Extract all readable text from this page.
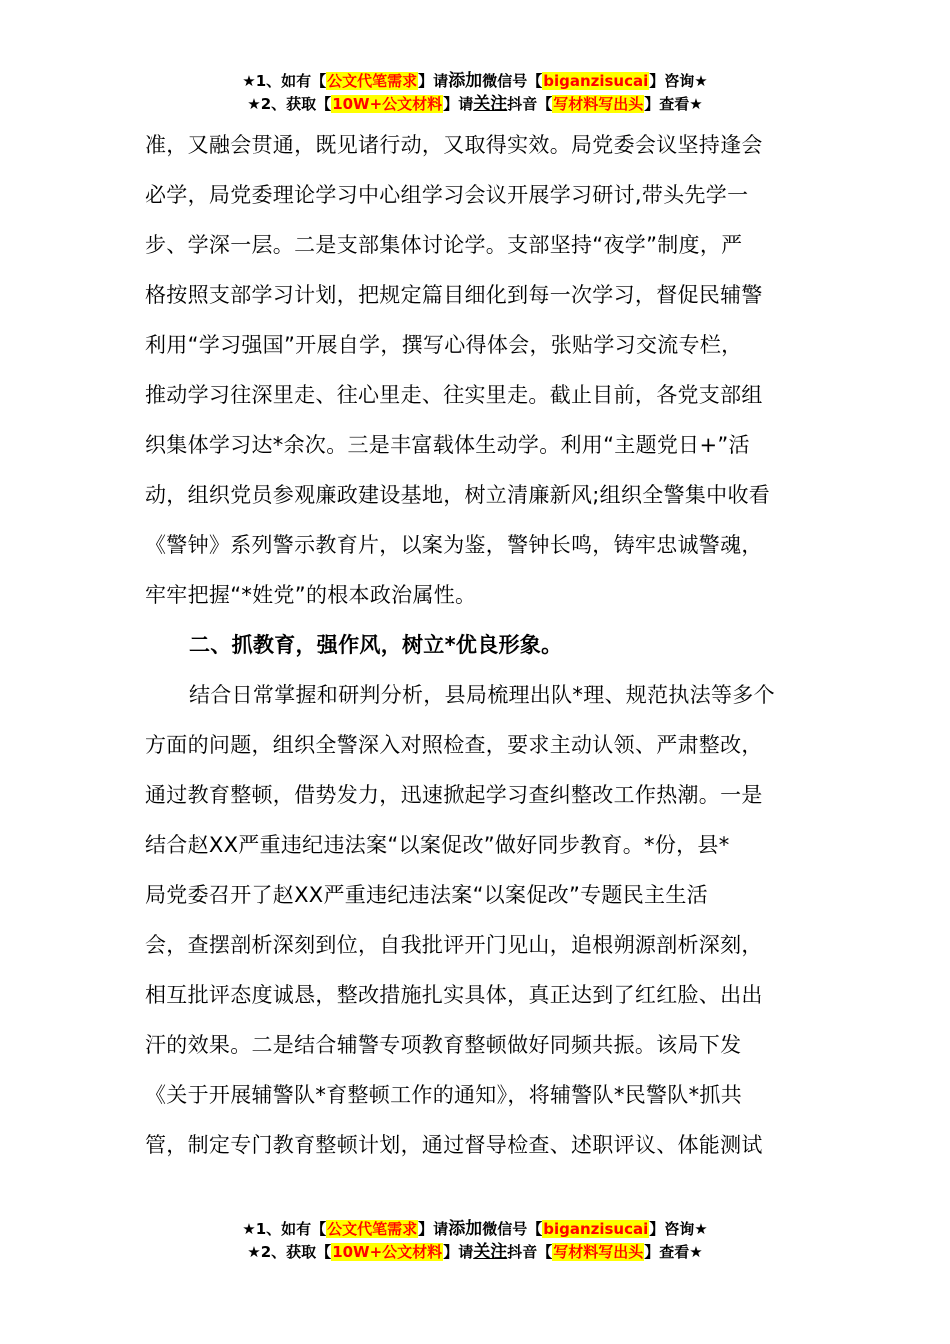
★1、如有【公文代笔需求】请添加微信号【biganzisucai】咨询★
★2、获取【10W+公文材料】请关注抖音【写材料写出头】查看★
准，又融会贯通，既见诸行动，又取得实效。局党委会议坚持逢会
必学，局党委理论学习中心组学习会议开展学习研讨,带头先学一
步、学深一层。二是支部集体讨论学。支部坚持“夜学”制度，严
格按照支部学习计划，把规定篇目细化到每一次学习，督促民辅警
利用“学习强国”开展自学，撰写心得体会，张贴学习交流专栏，
推动学习往深里走、往心里走、往实里走。截止目前，各党支部组
织集体学习达*余次。三是丰富载体生动学。利用“主题党日+”活
动，组织党员参观廉政建设基地，树立清廉新风;组织全警集中收看
《警钟》系列警示教育片，以案为鉴，警钟长鸣，铸牢忠诚警魂，
牢牢把握“*姓党”的根本政治属性。
二、抓教育，强作风，树立*优良形象。
结合日常掌握和研判分析，县局梳理出队*理、规范执法等多个
方面的问题，组织全警深入对照检查，要求主动认领、严肃整改，
通过教育整顿，借势发力，迅速掀起学习查纠整改工作热潮。一是
结合赵XX严重违纪违法案“以案促改”做好同步教育。*份，县*
局党委召开了赵XX严重违纪违法案“以案促改”专题民主生活
会，查摆剖析深刻到位，自我批评开门见山，追根朔源剖析深刻，
相互批评态度诚恳，整改措施扎实具体，真正达到了红红脸、出出
汗的效果。二是结合辅警专项教育整顿做好同频共振。该局下发
《关于开展辅警队*育整顿工作的通知》，将辅警队*民警队*抓共
管，制定专门教育整顿计划，通过督导检查、述职评议、体能测试
★1、如有【公文代笔需求】请添加微信号【biganzisucai】咨询★
★2、获取【10W+公文材料】请关注抖音【写材料写出头】查看★
